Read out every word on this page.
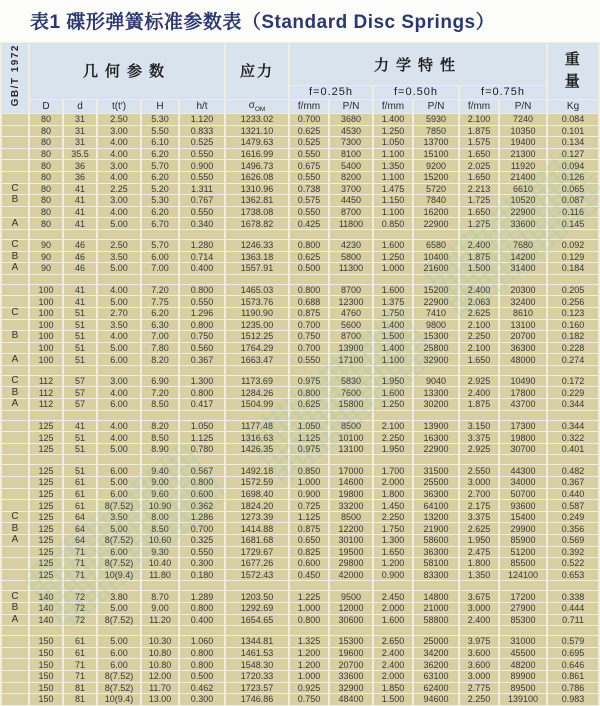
表1 碟形弹簧标准参数表（Standard Disc Springs）
GB/T 1972	几何参数					应力	力学特性						重量
							f=0.25h		f=0.50h		f=0.75h		
	D	d	t(t′)	H	h/t	$\sigma_{OM}$	f/mm	P/N	f/mm	P/N	f/mm	P/N	Kg
	80	31	2.50	5.30	1.120	1233.02	0.700	3680	1.400	5930	2.100	7240	0.084
	80	31	3.00	5.50	0.833	1321.10	0.625	4530	1.250	7850	1.875	10350	0.101
	80	31	4.00	6.10	0.525	1479.63	0.525	7300	1.050	13700	1.575	19400	0.134
	80	35.5	4.00	6.20	0.550	1616.99	0.550	8100	1.100	15100	1.650	21300	0.127
	80	36	3.00	5.70	0.900	1496.73	0.675	5400	1.350	9200	2.025	11920	0.094
	80	36	4.00	6.20	0.550	1626.08	0.550	8200	1.100	15200	1.650	21400	0.126
C	80	41	2.25	5.20	1.311	1310.96	0.738	3700	1.475	5720	2.213	6610	0.065
B	80	41	3.00	5.30	0.767	1362.81	0.575	4450	1.150	7840	1.725	10520	0.087
	80	41	4.00	6.20	0.550	1738.08	0.550	8700	1.100	16200	1.650	22900	0.116
A	80	41	5.00	6.70	0.340	1678.82	0.425	11800	0.850	22900	1.275	33600	0.145

C	90	46	2.50	5.70	1.280	1246.33	0.800	4230	1.600	6580	2.400	7680	0.092
B	90	46	3.50	6.00	0.714	1363.18	0.625	5800	1.250	10400	1.875	14200	0.129
A	90	46	5.00	7.00	0.400	1557.91	0.500	11300	1.000	21600	1.500	31400	0.184

	100	41	4.00	7.20	0.800	1465.03	0.800	8700	1.600	15200	2.400	20300	0.205
	100	41	5.00	7.75	0.550	1573.76	0.688	12300	1.375	22900	2.063	32400	0.256
C	100	51	2.70	6.20	1.296	1190.90	0.875	4760	1.750	7410	2.625	8610	0.123
	100	51	3.50	6.30	0.800	1235.00	0.700	5600	1.400	9800	2.100	13100	0.160
B	100	51	4.00	7.00	0.750	1512.25	0.750	8700	1.500	15300	2.250	20700	0.182
	100	51	5.00	7.80	0.560	1764.29	0.700	13900	1.400	25800	2.100	36300	0.228
A	100	51	6.00	8.20	0.367	1663.47	0.550	17100	1.100	32900	1.650	48000	0.274

C	112	57	3.00	6.90	1.300	1173.69	0.975	5830	1.950	9040	2.925	10490	0.172
B	112	57	4.00	7.20	0.800	1284.26	0.800	7600	1.600	13300	2.400	17800	0.229
A	112	57	6.00	8.50	0.417	1504.99	0.625	15800	1.250	30200	1.875	43700	0.344

	125	41	4.00	8.20	1.050	1177.48	1.050	8500	2.100	13900	3.150	17300	0.344
	125	51	4.00	8.50	1.125	1316.63	1.125	10100	2.250	16300	3.375	19800	0.322
	125	51	5.00	8.90	0.780	1426.35	0.975	13100	1.950	22900	2.925	30700	0.401

	125	51	6.00	9.40	0.567	1492.18	0.850	17000	1.700	31500	2.550	44300	0.482
	125	61	5.00	9.00	0.800	1572.59	1.000	14600	2.000	25500	3.000	34000	0.367
	125	61	6.00	9.60	0.600	1698.40	0.900	19800	1.800	36300	2.700	50700	0.440
	125	61	8(7.52)	10.90	0.362	1824.20	0.725	33200	1.450	64100	2.175	93600	0.587
C	125	64	3.50	8.00	1.286	1273.39	1.125	8500	2.250	13200	3.375	15400	0.249
B	125	64	5.00	8.50	0.700	1414.88	0.875	12200	1.750	21900	2.625	29900	0.356
A	125	64	8(7.52)	10.60	0.325	1681.68	0.650	30100	1.300	58600	1.950	85900	0.569
	125	71	6.00	9.30	0.550	1729.67	0.825	19500	1.650	36300	2.475	51200	0.392
	125	71	8(7.52)	10.40	0.300	1677.26	0.600	29800	1.200	58100	1.800	85500	0.522
	125	71	10(9.4)	11.80	0.180	1572.43	0.450	42000	0.900	83300	1.350	124100	0.653

C	140	72	3.80	8.70	1.289	1203.50	1.225	9500	2.450	14800	3.675	17200	0.338
B	140	72	5.00	9.00	0.800	1292.69	1.000	12000	2.000	21000	3.000	27900	0.444
A	140	72	8(7.52)	11.20	0.400	1654.65	0.800	30600	1.600	58800	2.400	85300	0.711

	150	61	5.00	10.30	1.060	1344.81	1.325	15300	2.650	25000	3.975	31000	0.579
	150	61	6.00	10.80	0.800	1461.53	1.200	19600	2.400	34200	3.600	45500	0.695
	150	71	6.00	10.80	0.800	1548.30	1.200	20700	2.400	36200	3.600	48200	0.646
	150	71	8(7.52)	12.00	0.500	1720.33	1.000	33600	2.000	63100	3.000	89900	0.861
	150	81	8(7.52)	11.70	0.462	1723.57	0.925	32900	1.850	62400	2.775	89500	0.786
	150	81	10(9.4)	13.00	0.300	1746.86	0.750	48400	1.500	94600	2.250	139100	0.983
